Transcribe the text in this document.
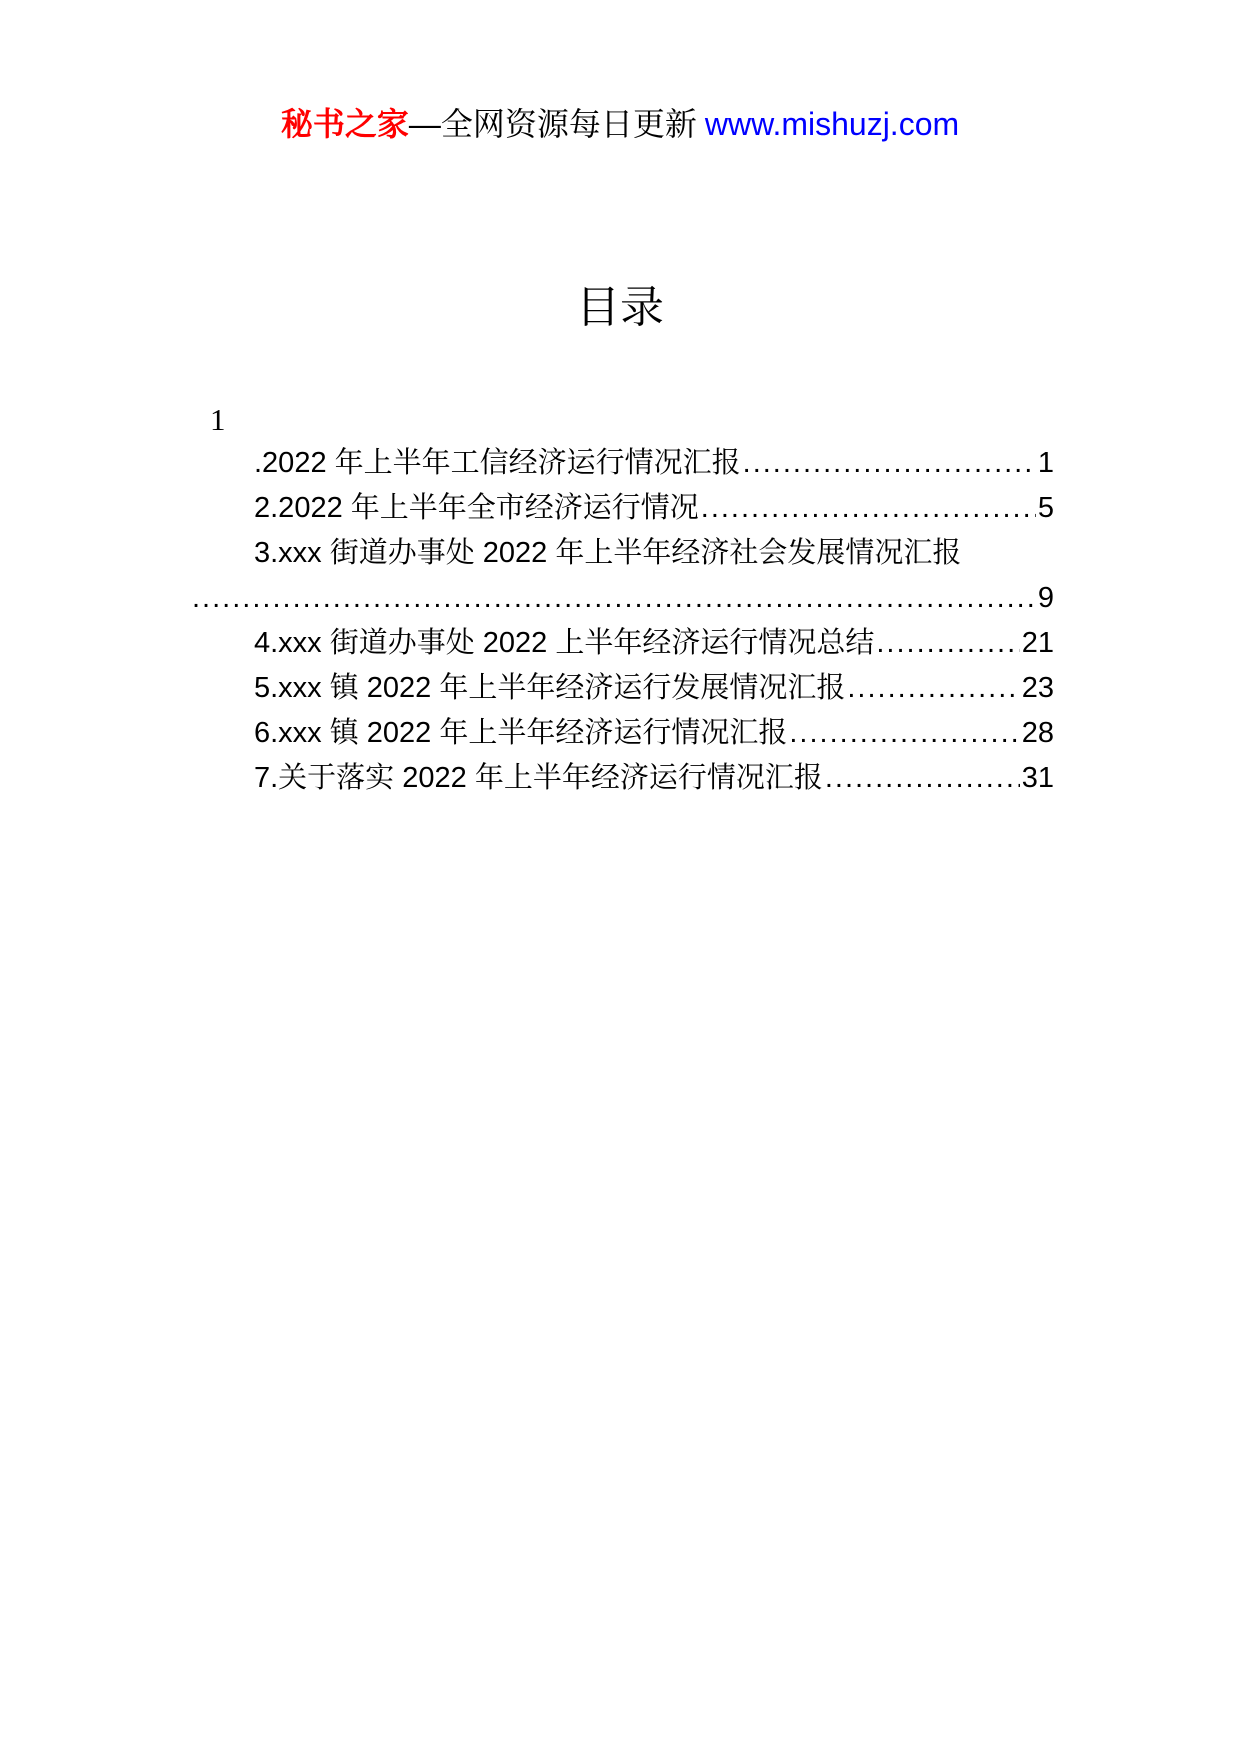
秘书之家—全网资源每日更新 www.mishuzj.com
目录
1
.2022 年上半年工信经济运行情况汇报 .....	1
2.2022 年上半年全市经济运行情况 .....	5
3.xxx 街道办事处 2022 年上半年经济社会发展情况汇报
.....
9
4.xxx 街道办事处 2022 上半年经济运行情况总结 .....	21
5.xxx 镇 2022 年上半年经济运行发展情况汇报 .....	23
6.xxx 镇 2022 年上半年经济运行情况汇报 .....	28
7.关于落实 2022 年上半年经济运行情况汇报 .....	31
